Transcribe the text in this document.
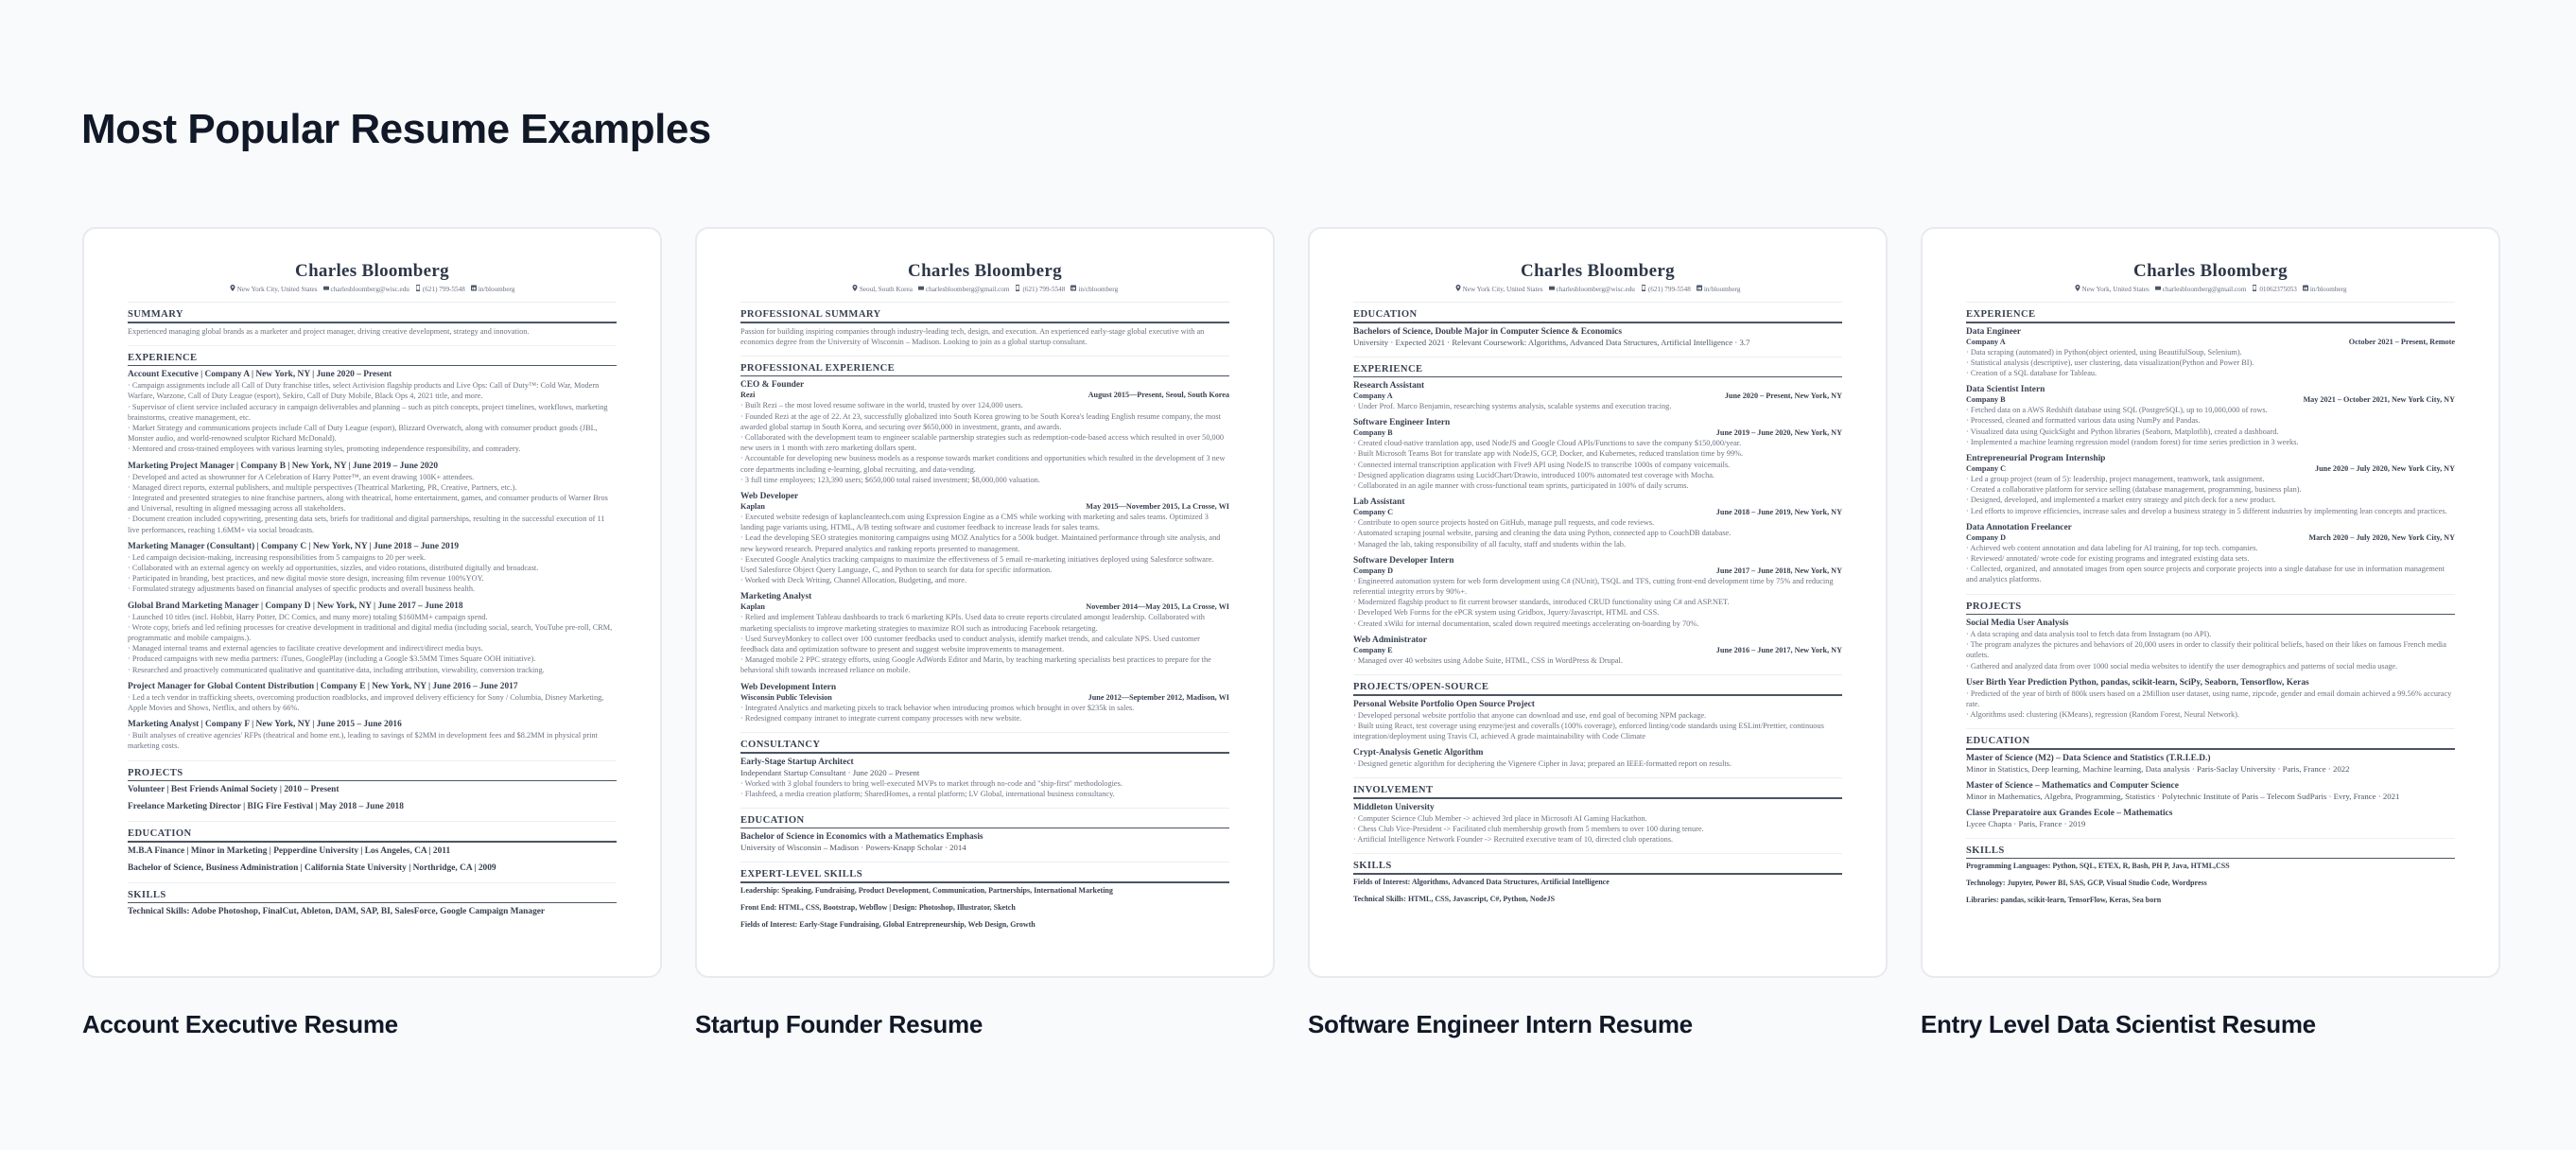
Most Popular Resume Examples
Charles Bloomberg
New York City, United States charlesbloomberg@wisc.edu (621) 799-5548 in/bloomberg
SUMMARY
Experienced managing global brands as a marketer and project manager, driving creative development, strategy and innovation.
EXPERIENCE
Account Executive | Company A | New York, NY | June 2020 – Present
· Campaign assignments include all Call of Duty franchise titles, select Activision flagship products and Live Ops: Call of Duty™: Cold War, Modern Warfare, Warzone, Call of Duty League (esport), Sekiro, Call of Duty Mobile, Black Ops 4, 2021 title, and more.
· Supervisor of client service included accuracy in campaign deliverables and planning – such as pitch concepts, project timelines, workflows, marketing brainstorms, creative management, etc.
· Market Strategy and communications projects include Call of Duty League (esport), Blizzard Overwatch, along with consumer product goods (JBL, Monster audio, and world-renowned sculptor Richard McDonald).
· Mentored and cross-trained employees with various learning styles, promoting independence responsibility, and comradery.
Marketing Project Manager | Company B | New York, NY | June 2019 – June 2020
· Developed and acted as showrunner for A Celebration of Harry Potter™, an event drawing 100K+ attendees.
· Managed direct reports, external publishers, and multiple perspectives (Theatrical Marketing, PR, Creative, Partners, etc.).
· Integrated and presented strategies to nine franchise partners, along with theatrical, home entertainment, games, and consumer products of Warner Bros and Universal, resulting in aligned messaging across all stakeholders.
· Document creation included copywriting, presenting data sets, briefs for traditional and digital partnerships, resulting in the successful execution of 11 live performances, reaching 1.6MM+ via social broadcasts.
Marketing Manager (Consultant) | Company C | New York, NY | June 2018 – June 2019
· Led campaign decision-making, increasing responsibilities from 5 campaigns to 20 per week.
· Collaborated with an external agency on weekly ad opportunities, sizzles, and video rotations, distributed digitally and broadcast.
· Participated in branding, best practices, and new digital movie store design, increasing film revenue 100%YOY.
· Formulated strategy adjustments based on financial analyses of specific products and overall business health.
Global Brand Marketing Manager | Company D | New York, NY | June 2017 – June 2018
· Launched 10 titles (incl. Hobbit, Harry Potter, DC Comics, and many more) totaling $160MM+ campaign spend.
· Wrote copy, briefs and led refining processes for creative development in traditional and digital media (including social, search, YouTube pre-roll, CRM, programmatic and mobile campaigns.).
· Managed internal teams and external agencies to facilitate creative development and indirect/direct media buys.
· Produced campaigns with new media partners: iTunes, GooglePlay (including a Google $3.5MM Times Square OOH initiative).
· Researched and proactively communicated qualitative and quantitative data, including attribution, viewability, conversion tracking.
Project Manager for Global Content Distribution | Company E | New York, NY | June 2016 – June 2017
· Led a tech vendor in trafficking sheets, overcoming production roadblocks, and improved delivery efficiency for Sony / Columbia, Disney Marketing, Apple Movies and Shows, Netflix, and others by 66%.
Marketing Analyst | Company F | New York, NY | June 2015 – June 2016
· Built analyses of creative agencies' RFPs (theatrical and home ent.), leading to savings of $2MM in development fees and $8.2MM in physical print marketing costs.
PROJECTS
Volunteer | Best Friends Animal Society | 2010 – Present
Freelance Marketing Director | BIG Fire Festival | May 2018 – June 2018
EDUCATION
M.B.A Finance | Minor in Marketing | Pepperdine University | Los Angeles, CA | 2011
Bachelor of Science, Business Administration | California State University | Northridge, CA | 2009
SKILLS
Technical Skills: Adobe Photoshop, FinalCut, Ableton, DAM, SAP, BI, SalesForce, Google Campaign Manager
Account Executive Resume
Charles Bloomberg
Seoul, South Korea charlesbloomberg@gmail.com (621) 799-5548 in/cbloomberg
PROFESSIONAL SUMMARY
Passion for building inspiring companies through industry-leading tech, design, and execution. An experienced early-stage global executive with an economics degree from the University of Wisconsin – Madison. Looking to join as a global startup consultant.
PROFESSIONAL EXPERIENCE
CEO & Founder
Rezi	August 2015—Present, Seoul, South Korea
· Built Rezi – the most loved resume software in the world, trusted by over 124,000 users.
· Founded Rezi at the age of 22. At 23, successfully globalized into South Korea growing to be South Korea's leading English resume company, the most awarded global startup in South Korea, and securing over $650,000 in investment, grants, and awards.
· Collaborated with the development team to engineer scalable partnership strategies such as redemption-code-based access which resulted in over 50,000 new users in 1 month with zero marketing dollars spent.
· Accountable for developing new business models as a response towards market conditions and opportunities which resulted in the development of 3 new core departments including e-learning, global recruiting, and data-vending.
· 3 full time employees; 123,390 users; $650,000 total raised investment; $8,000,000 valuation.
Web Developer
Kaplan	May 2015—November 2015, La Crosse, WI
· Executed website redesign of kaplancleantech.com using Expression Engine as a CMS while working with marketing and sales teams. Optimized 3 landing page variants using, HTML, A/B testing software and customer feedback to increase leads for sales teams.
· Lead the developing SEO strategies monitoring campaigns using MOZ Analytics for a 500k budget. Maintained performance through site analysis, and new keyword research. Prepared analytics and ranking reports presented to management.
· Executed Google Analytics tracking campaigns to maximize the effectiveness of 5 email re-marketing initiatives deployed using Salesforce software. Used Salesforce Object Query Language, C, and Python to search for data for specific information.
· Worked with Deck Writing, Channel Allocation, Budgeting, and more.
Marketing Analyst
Kaplan	November 2014—May 2015, La Crosse, WI
· Relied and implement Tableau dashboards to track 6 marketing KPIs. Used data to create reports circulated amongst leadership. Collaborated with marketing specialists to improve marketing strategies to maximize ROI such as introducing Facebook retargeting.
· Used SurveyMonkey to collect over 100 customer feedbacks used to conduct analysis, identify market trends, and calculate NPS. Used customer feedback data and optimization software to present and suggest website improvements to management.
· Managed mobile 2 PPC strategy efforts, using Google AdWords Editor and Marin, by teaching marketing specialists best practices to prepare for the behavioral shift towards increased reliance on mobile.
Web Development Intern
Wisconsin Public Television	June 2012—September 2012, Madison, WI
· Integrated Analytics and marketing pixels to track behavior when introducing promos which brought in over $235k in sales.
· Redesigned company intranet to integrate current company processes with new website.
CONSULTANCY
Early-Stage Startup Architect
Independant Startup Consultant · June 2020 – Present
· Worked with 3 global founders to bring well-executed MVPs to market through no-code and "ship-first" methodologies.
· Flashfeed, a media creation platform; SharedHomes, a rental platform; LV Global, international business consultancy.
EDUCATION
Bachelor of Science in Economics with a Mathematics Emphasis
University of Wisconsin – Madison · Powers-Knapp Scholar · 2014
EXPERT-LEVEL SKILLS
Leadership: Speaking, Fundraising, Product Development, Communication, Partnerships, International Marketing
Front End: HTML, CSS, Bootstrap, Webflow | Design: Photoshop, Illustrator, Sketch
Fields of Interest: Early-Stage Fundraising, Global Entrepreneurship, Web Design, Growth
Startup Founder Resume
Charles Bloomberg
New York City, United States charlesbloomberg@wisc.edu (621) 799-5548 in/bloomberg
EDUCATION
Bachelors of Science, Double Major in Computer Science & Economics
University · Expected 2021 · Relevant Coursework: Algorithms, Advanced Data Structures, Artificial Intelligence · 3.7
EXPERIENCE
Research Assistant
Company A	June 2020 – Present, New York, NY
· Under Prof. Marco Benjamin, researching systems analysis, scalable systems and execution tracing.
Software Engineer Intern
Company B	June 2019 – June 2020, New York, NY
· Created cloud-native translation app, used NodeJS and Google Cloud APIs/Functions to save the company $150,000/year.
· Built Microsoft Teams Bot for translate app with NodeJS, GCP, Docker, and Kubernetes, reduced translation time by 99%.
· Connected internal transcription application with Five9 API using NodeJS to transcribe 1000s of company voicemails.
· Designed application diagrams using LucidChart/Drawio, introduced 100% automated test coverage with Mocha.
· Collaborated in an agile manner with cross-functional team sprints, participated in 100% of daily scrums.
Lab Assistant
Company C	June 2018 – June 2019, New York, NY
· Contribute to open source projects hosted on GitHub, manage pull requests, and code reviews.
· Automated scraping journal website, parsing and cleaning the data using Python, connected app to CouchDB database.
· Managed the lab, taking responsibility of all faculty, staff and students within the lab.
Software Developer Intern
Company D	June 2017 – June 2018, New York, NY
· Engineered automation system for web form development using C# (NUnit), TSQL and TFS, cutting front-end development time by 75% and reducing referential integrity errors by 90%+.
· Modernized flagship product to fit current browser standards, introduced CRUD functionality using C# and ASP.NET.
· Developed Web Forms for the ePCR system using Gridbox, Jquery/Javascript, HTML and CSS.
· Created xWiki for internal documentation, scaled down required meetings accelerating on-boarding by 70%.
Web Administrator
Company E	June 2016 – June 2017, New York, NY
· Managed over 40 websites using Adobe Suite, HTML, CSS in WordPress & Drupal.
PROJECTS/OPEN-SOURCE
Personal Website Portfolio Open Source Project
· Developed personal website portfolio that anyone can download and use, end goal of becoming NPM package.
· Built using React, test coverage using enzyme/jest and coveralls (100% coverage), enforced linting/code standards using ESLint/Prettier, continuous integration/deployment using Travis CI, achieved A grade maintainability with Code Climate
Crypt-Analysis Genetic Algorithm
· Designed genetic algorithm for deciphering the Vigenere Cipher in Java; prepared an IEEE-formatted report on results.
INVOLVEMENT
Middleton University
· Computer Science Club Member -> achieved 3rd place in Microsoft AI Gaming Hackathon.
· Chess Club Vice-President -> Facilitated club membership growth from 5 members to over 100 during tenure.
· Artificial Intelligence Network Founder -> Recruited executive team of 10, directed club operations.
SKILLS
Fields of Interest: Algorithms, Advanced Data Structures, Artificial Intelligence
Technical Skills: HTML, CSS, Javascript, C#, Python, NodeJS
Software Engineer Intern Resume
Charles Bloomberg
New York, United States charlesbloomberg@gmail.com 01062375053 in/bloomberg
EXPERIENCE
Data Engineer
Company A	October 2021 – Present, Remote
· Data scraping (automated) in Python(object oriented, using BeautifulSoup, Selenium).
· Statistical analysis (descriptive), user clustering, data visualization(Python and Power BI).
· Creation of a SQL database for Tableau.
Data Scientist Intern
Company B	May 2021 – October 2021, New York City, NY
· Fetched data on a AWS Redshift database using SQL (PostgreSQL), up to 10,000,000 of rows.
· Processed, cleaned and formatted various data using NumPy and Pandas.
· Visualized data using QuickSight and Python libraries (Seaborn, Matplotlib), created a dashboard.
· Implemented a machine learning regression model (random forest) for time series prediction in 3 weeks.
Entrepreneurial Program Internship
Company C	June 2020 – July 2020, New York City, NY
· Led a group project (team of 5): leadership, project management, teamwork, task assignment.
· Created a collaborative platform for service selling (database management, programming, business plan).
· Designed, developed, and implemented a market entry strategy and pitch deck for a new product.
· Led efforts to improve efficiencies, increase sales and develop a business strategy in 5 different industries by implementing lean concepts and practices.
Data Annotation Freelancer
Company D	March 2020 – July 2020, New York City, NY
· Achieved web content annotation and data labeling for AI training, for top tech. companies.
· Reviewed/ annotated/ wrote code for existing programs and integrated existing data sets.
· Collected, organized, and annotated images from open source projects and corporate projects into a single database for use in information management and analytics platforms.
PROJECTS
Social Media User Analysis
· A data scraping and data analysis tool to fetch data from Instagram (no API).
· The program analyzes the pictures and behaviors of 20,000 users in order to classify their political beliefs, based on their likes on famous French media outlets.
· Gathered and analyzed data from over 1000 social media websites to identify the user demographics and patterns of social media usage.
User Birth Year Prediction Python, pandas, scikit-learn, SciPy, Seaborn, Tensorflow, Keras
· Predicted of the year of birth of 800k users based on a 2Million user dataset, using name, zipcode, gender and email domain achieved a 99.56% accuracy rate.
· Algorithms used: clustering (KMeans), regression (Random Forest, Neural Network).
EDUCATION
Master of Science (M2) – Data Science and Statistics (T.R.I.E.D.)
Minor in Statistics, Deep learning, Machine learning, Data analysis · Paris-Saclay University · Paris, France · 2022
Master of Science – Mathematics and Computer Science
Minor in Mathematics, Algebra, Programming, Statistics · Polytechnic Institute of Paris – Telecom SudParis · Evry, France · 2021
Classe Preparatoire aux Grandes Ecole – Mathematics
Lycee Chapta · Paris, France · 2019
SKILLS
Programming Languages: Python, SQL, ETEX, R, Bash, PH P, Java, HTML,CSS
Technology: Jupyter, Power BI, SAS, GCP, Visual Studio Code, Wordpress
Libraries: pandas, scikit-learn, TensorFlow, Keras, Sea born
Entry Level Data Scientist Resume
